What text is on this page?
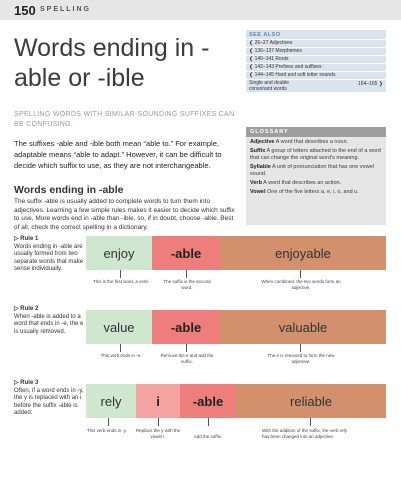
150 SPELLING
Words ending in -able or -ible
SPELLING WORDS WITH SIMILAR-SOUNDING SUFFIXES CAN BE CONFUSING.
The suffixes -able and -ible both mean “able to.” For example, adaptable means “able to adapt.” However, it can be difficult to decide which suffix to use, as they are not interchangeable.
Words ending in -able
The suffix -able is usually added to complete words to turn them into adjectives. Learning a few simple rules makes it easier to decide which suffix to use. More words end in -able than -ible, so, if in doubt, choose -able. Best of all, check the correct spelling in a dictionary.
SEE ALSO
❮ 26–27 Adjectives
❮ 136–137 Morphemes
❮ 140–141 Roots
❮ 142–143 Prefixes and suffixes
❮ 144–145 Hard and soft letter sounds
Single and double
consonant words
164–165 ❯
GLOSSARY
Adjective A word that describes a noun.
Suffix A group of letters attached to the end of a word that can change the original word’s meaning.
Syllable A unit of pronunciation that has one vowel sound.
Verb A word that describes an action.
Vowel One of the five letters a, e, i, o, and u.
▷ Rule 1
Words ending in -able are usually formed from two separate words that make sense individually.
enjoy	-able	enjoyable
This is the first word, a verb.	The suffix is the second word.
When combined, the two words form an adjective.
▷ Rule 2
When -able is added to a word that ends in -e, the e is usually removed.	value	-able	valuable
This verb ends in -e.	Remove the e and add the suffix.
The e is removed to form the new adjective.
▷ Rule 3
Often, if a word ends in -y, the y is replaced with an i before the suffix -able is added.
rely	i	-able	reliable
This verb ends in -y.	Replace the y with the vowel i.	Add the suffix.
With the addition of the suffix, the verb rely has been changed into an adjective.
